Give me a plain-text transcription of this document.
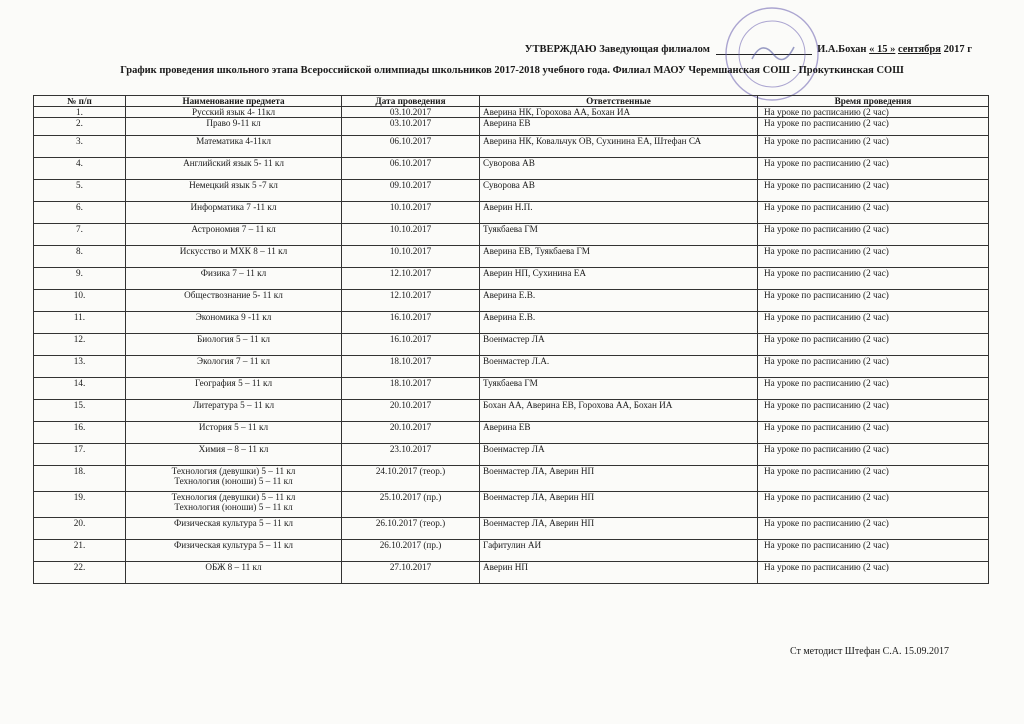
УТВЕРЖДАЮ Заведующая филиалом	И.А.Бохан « 15 » сентября 2017 г
График проведения школьного этапа Всероссийской олимпиады школьников 2017-2018 учебного года. Филиал МАОУ Черемшанская СОШ - Прокуткинская СОШ
№ п/п	Наименование предмета	Дата проведения	Ответственные	Время проведения
1.	Русский язык 4- 11кл	03.10.2017	Аверина НК, Горохова АА, Бохан ИА	На уроке по расписанию (2 час)
2.	Право 9-11 кл	03.10.2017	Аверина ЕВ	На уроке по расписанию (2 час)
3.	Математика 4-11кл	06.10.2017	Аверина НК, Ковальчук ОВ, Сухинина ЕА, Штефан СА	На уроке по расписанию (2 час)
4.	Английский язык 5- 11 кл	06.10.2017	Суворова АВ	На уроке по расписанию (2 час)
5.	Немецкий язык 5 -7 кл	09.10.2017	Суворова АВ	На уроке по расписанию (2 час)
6.	Информатика 7 -11 кл	10.10.2017	Аверин Н.П.	На уроке по расписанию (2 час)
7.	Астрономия 7 – 11 кл	10.10.2017	Туякбаева ГМ	На уроке по расписанию (2 час)
8.	Искусство и МХК 8 – 11 кл	10.10.2017	Аверина ЕВ, Туякбаева ГМ	На уроке по расписанию (2 час)
9.	Физика 7 – 11 кл	12.10.2017	Аверин НП, Сухинина ЕА	На уроке по расписанию (2 час)
10.	Обществознание 5- 11 кл	12.10.2017	Аверина Е.В.	На уроке по расписанию (2 час)
11.	Экономика 9 -11 кл	16.10.2017	Аверина Е.В.	На уроке по расписанию (2 час)
12.	Биология 5 – 11 кл	16.10.2017	Военмастер ЛА	На уроке по расписанию (2 час)
13.	Экология 7 – 11 кл	18.10.2017	Военмастер Л.А.	На уроке по расписанию (2 час)
14.	География 5 – 11 кл	18.10.2017	Туякбаева ГМ	На уроке по расписанию (2 час)
15.	Литература 5 – 11 кл	20.10.2017	Бохан АА, Аверина ЕВ, Горохова АА, Бохан ИА	На уроке по расписанию (2 час)
16.	История 5 – 11 кл	20.10.2017	Аверина ЕВ	На уроке по расписанию (2 час)
17.	Химия – 8 – 11 кл	23.10.2017	Военмастер ЛА	На уроке по расписанию (2 час)
18.	Технология (девушки) 5 – 11 кл
Технология (юноши) 5 – 11 кл	24.10.2017 (теор.)	Военмастер ЛА, Аверин НП	На уроке по расписанию (2 час)
19.	Технология (девушки) 5 – 11 кл
Технология (юноши) 5 – 11 кл	25.10.2017 (пр.)	Военмастер ЛА, Аверин НП	На уроке по расписанию (2 час)
20.	Физическая культура 5 – 11 кл	26.10.2017 (теор.)	Военмастер ЛА, Аверин НП	На уроке по расписанию (2 час)
21.	Физическая культура 5 – 11 кл	26.10.2017 (пр.)	Гафитулин АИ	На уроке по расписанию (2 час)
22.	ОБЖ 8 – 11 кл	27.10.2017	Аверин НП	На уроке по расписанию (2 час)
Ст методист Штефан С.А. 15.09.2017
